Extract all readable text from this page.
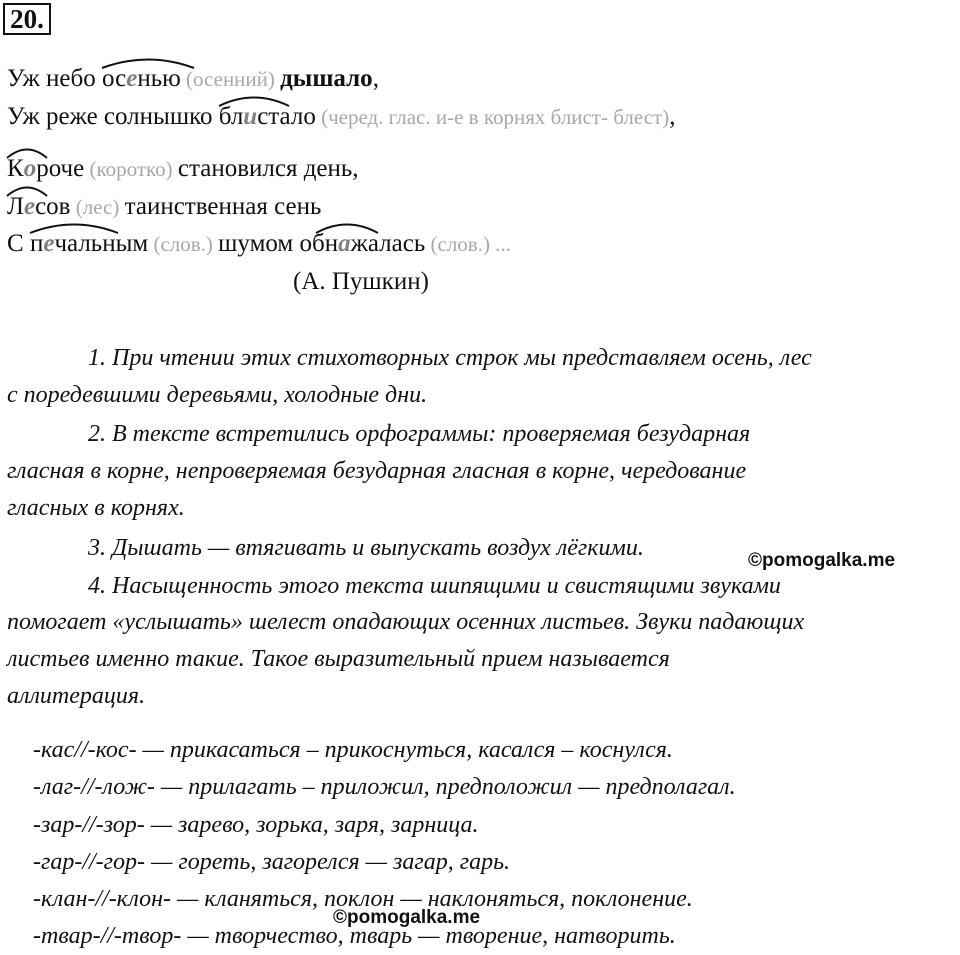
20.
Уж небо
осенью (осенний) дышало,
Уж реже солнышко
блистало (черед. глас. и-е в корнях блист- блест),
Короче (коротко) становился день,
Лесов (лес) таинственная сень
С
печальным (слов.) шумом обн
ажалась (слов.) ...
(А. Пушкин)
1. При чтении этих стихотворных строк мы представляем осень, лес
с поредевшими деревьями, холодные дни.
2. В тексте встретились орфограммы: проверяемая безударная
гласная в корне, непроверяемая безударная гласная в корне, чередование
гласных в корнях.
3. Дышать — втягивать и выпускать воздух лёгкими.	©pomogalka.me
4. Насыщенность этого текста шипящими и свистящими звуками
помогает «услышать» шелест опадающих осенних листьев. Звуки падающих
листьев именно такие. Такое выразительный прием называется
аллитерация.
-кас//-кос- — прикасаться – прикоснуться, касался – коснулся.
-лаг-//-лож- — прилагать – приложил, предположил — предполагал.
-зар-//-зор- — зарево, зорька, заря, зарница.
-гар-//-гор- — гореть, загорелся — загар, гарь.
-клан-//-клон- — кланяться, поклон — наклоняться, поклонение.
©pomogalka.me
-твар-//-твор- — творчество, тварь — творение, натворить.
